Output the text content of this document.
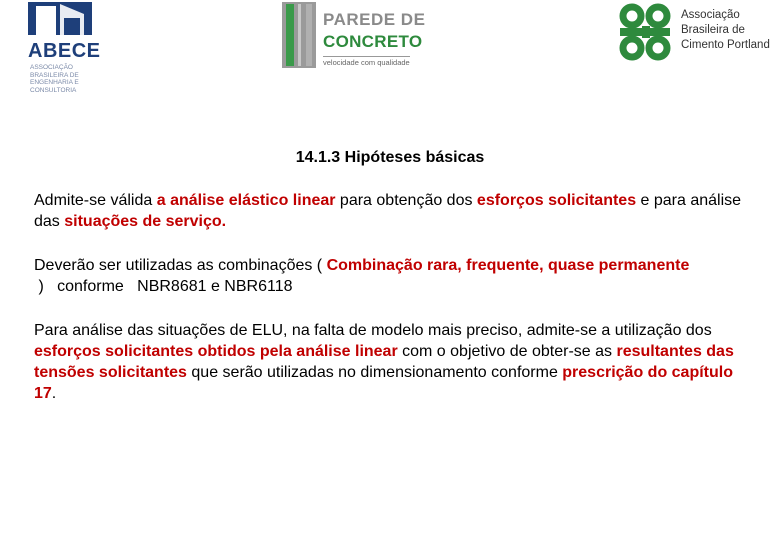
ABECE
ASSOCIAÇÃO
BRASILEIRA DE
ENGENHARIA E
CONSULTORIA
PAREDE DE
CONCRETO
velocidade com qualidade
Associação
Brasileira de
Cimento Portland
14.1.3 Hipóteses básicas
Admite-se válida a análise elástico linear para obtenção dos esforços solicitantes e para análise das situações de serviço.
Deverão ser utilizadas as combinações ( Combinação rara, frequente, quase permanente )   conforme   NBR8681 e NBR6118
Para análise das situações de ELU, na falta de modelo mais preciso, admite-se a utilização dos esforços solicitantes obtidos pela análise linear com o objetivo de obter-se as resultantes das tensões solicitantes que serão utilizadas no dimensionamento conforme prescrição do capítulo 17.
